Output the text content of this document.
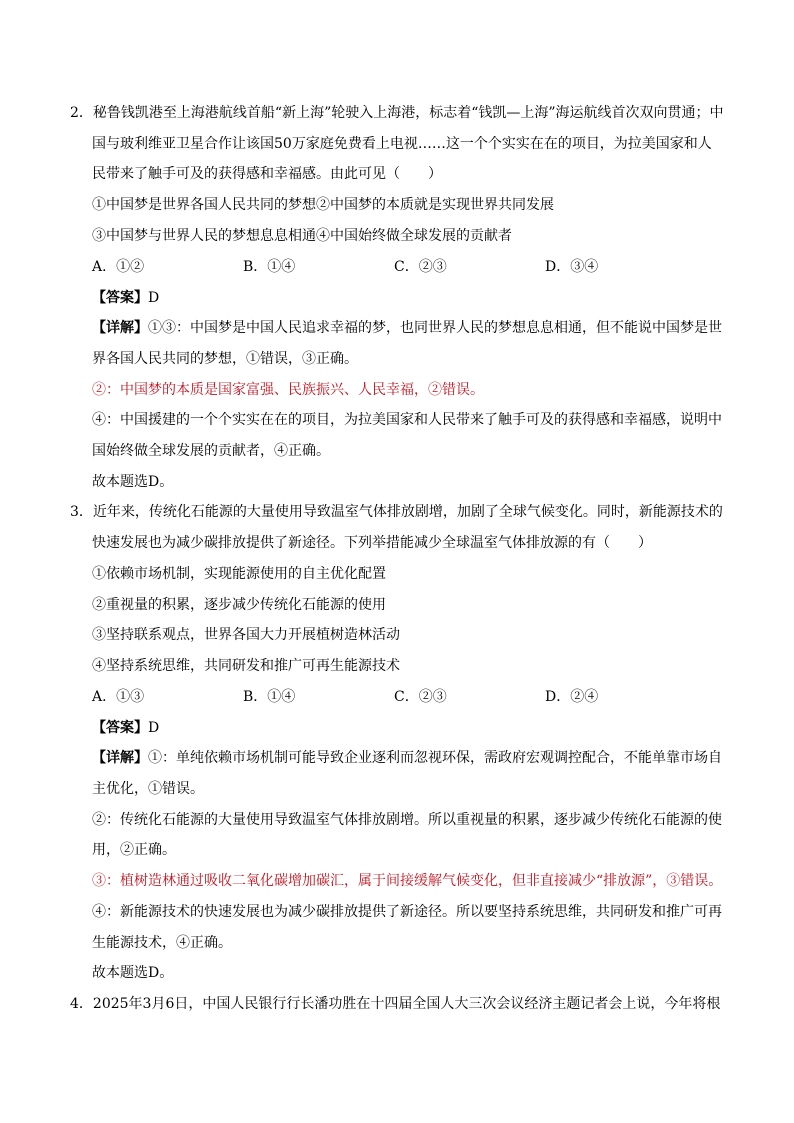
2．秘鲁钱凯港至上海港航线首船“新上海”轮驶入上海港，标志着“钱凯—上海”海运航线首次双向贯通；中
国与玻利维亚卫星合作让该国50万家庭免费看上电视……这一个个实实在在的项目，为拉美国家和人
民带来了触手可及的获得感和幸福感。由此可见（　　）
①中国梦是世界各国人民共同的梦想②中国梦的本质就是实现世界共同发展
③中国梦与世界人民的梦想息息相通④中国始终做全球发展的贡献者
A．①②	B．①④	C．②③	D．③④
【答案】D
【详解】①③：中国梦是中国人民追求幸福的梦，也同世界人民的梦想息息相通，但不能说中国梦是世
界各国人民共同的梦想，①错误，③正确。
②：中国梦的本质是国家富强、民族振兴、人民幸福，②错误。
④：中国援建的一个个实实在在的项目，为拉美国家和人民带来了触手可及的获得感和幸福感，说明中
国始终做全球发展的贡献者，④正确。
故本题选D。
3．近年来，传统化石能源的大量使用导致温室气体排放剧增，加剧了全球气候变化。同时，新能源技术的
快速发展也为减少碳排放提供了新途径。下列举措能减少全球温室气体排放源的有（　　）
①依赖市场机制，实现能源使用的自主优化配置
②重视量的积累，逐步减少传统化石能源的使用
③坚持联系观点，世界各国大力开展植树造林活动
④坚持系统思维，共同研发和推广可再生能源技术
A．①③	B．①④	C．②③	D．②④
【答案】D
【详解】①：单纯依赖市场机制可能导致企业逐利而忽视环保，需政府宏观调控配合，不能单靠市场自
主优化，①错误。
②：传统化石能源的大量使用导致温室气体排放剧增。所以重视量的积累，逐步减少传统化石能源的使
用，②正确。
③：植树造林通过吸收二氧化碳增加碳汇，属于间接缓解气候变化，但非直接减少“排放源”，③错误。
④：新能源技术的快速发展也为减少碳排放提供了新途径。所以要坚持系统思维，共同研发和推广可再
生能源技术，④正确。
故本题选D。
4．2025年3月6日，中国人民银行行长潘功胜在十四届全国人大三次会议经济主题记者会上说，今年将根
